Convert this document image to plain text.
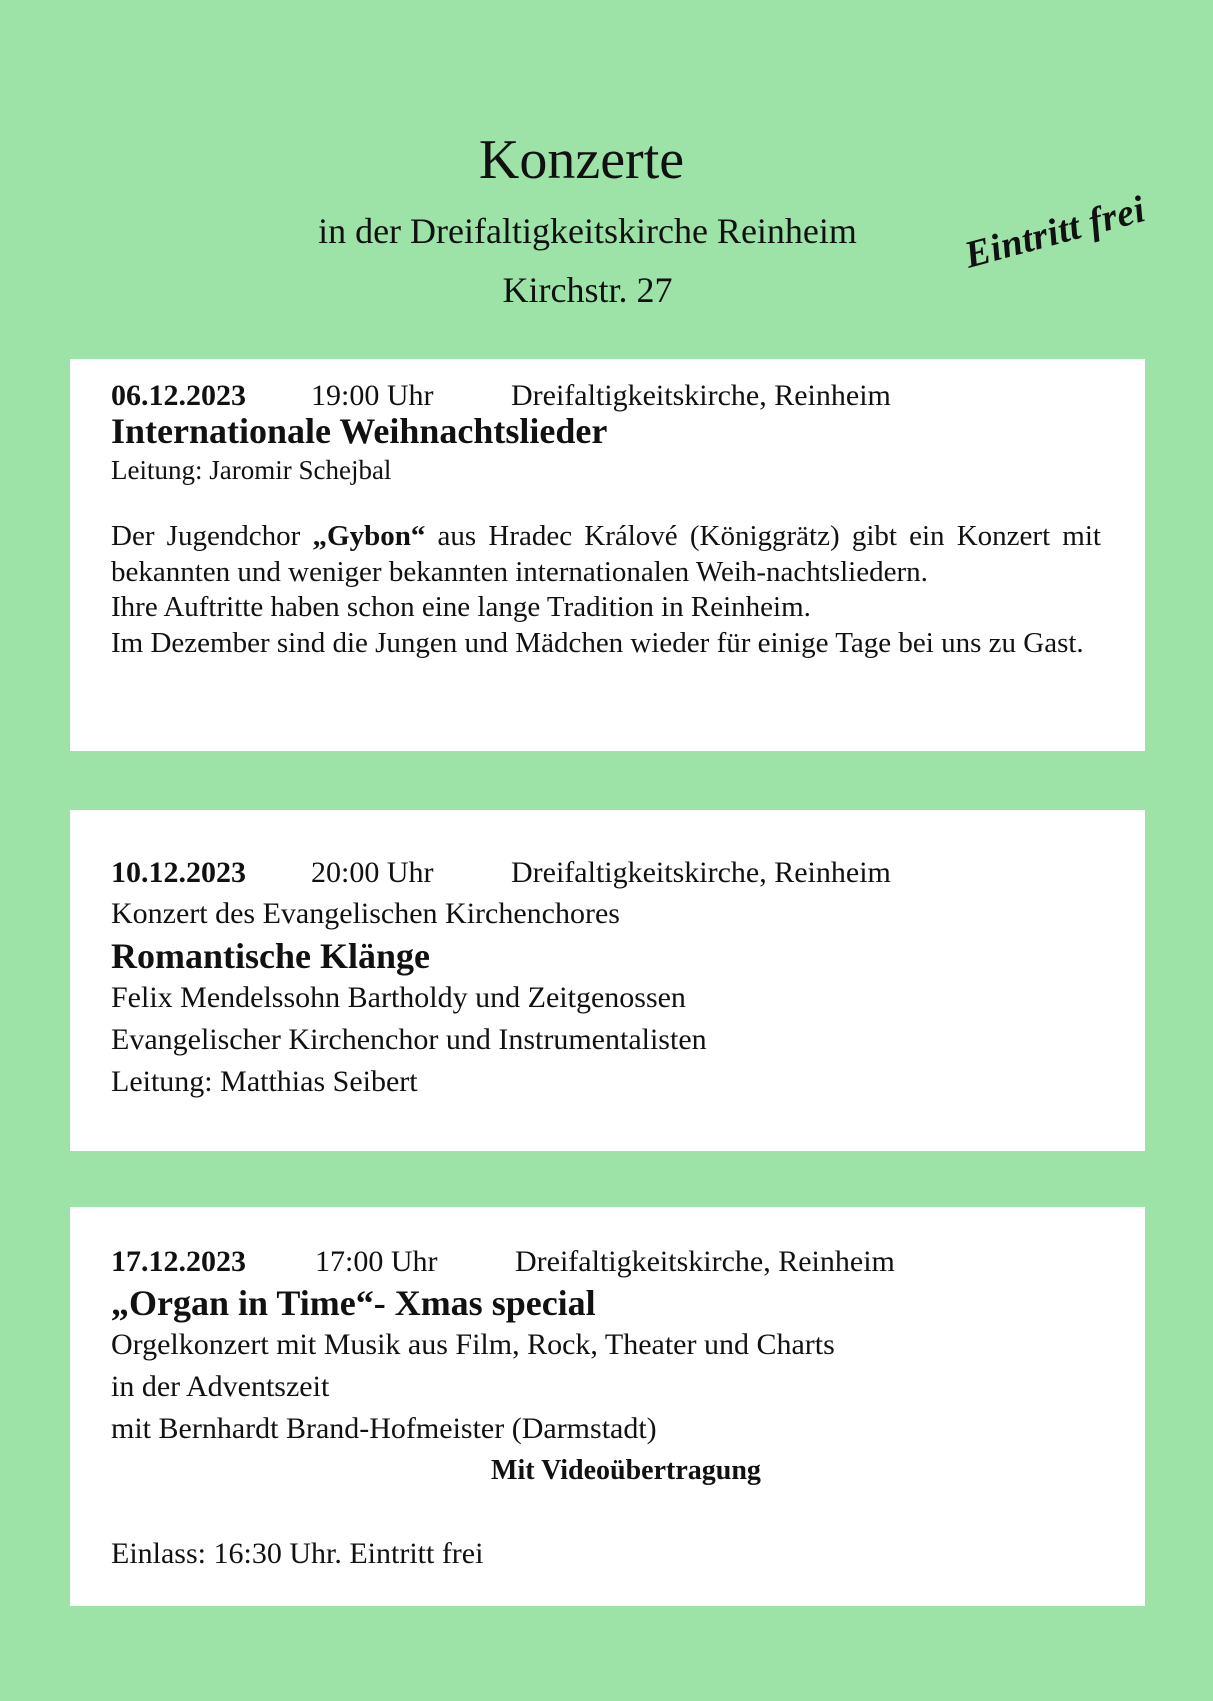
Konzerte
in der Dreifaltigkeitskirche Reinheim
Kirchstr. 27
Eintritt frei
06.12.2023 19:00 Uhr	Dreifaltigkeitskirche, Reinheim
Internationale Weihnachtslieder
Leitung: Jaromir Schejbal

Der Jugendchor „Gybon“ aus Hradec Králové (Königgrätz) gibt ein Konzert mit bekannten und weniger bekannten internationalen Weih-nachtsliedern.

Ihre Auftritte haben schon eine lange Tradition in Reinheim.

Im Dezember sind die Jungen und Mädchen wieder für einige Tage bei uns zu Gast.

10.12.2023 20:00 Uhr	Dreifaltigkeitskirche, Reinheim
Konzert des Evangelischen Kirchenchores
Romantische Klänge
Felix Mendelssohn Bartholdy und Zeitgenossen
Evangelischer Kirchenchor und Instrumentalisten
Leitung: Matthias Seibert
17.12.2023 17:00 Uhr	Dreifaltigkeitskirche, Reinheim
„Organ in Time“- Xmas special
Orgelkonzert mit Musik aus Film, Rock, Theater und Charts
in der Adventszeit
mit Bernhardt Brand-Hofmeister (Darmstadt)
Mit Videoübertragung
Einlass: 16:30 Uhr. Eintritt frei
